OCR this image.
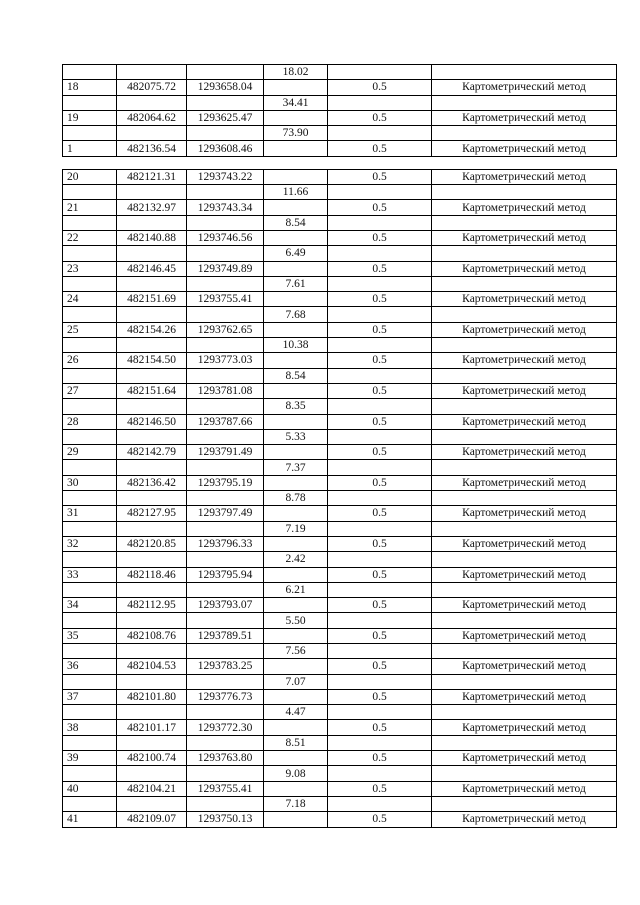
			18.02		
18	482075.72	1293658.04		0.5	Картометрический метод
			34.41		
19	482064.62	1293625.47		0.5	Картометрический метод
			73.90		
1	482136.54	1293608.46		0.5	Картометрический метод

20	482121.31	1293743.22		0.5	Картометрический метод
			11.66		
21	482132.97	1293743.34		0.5	Картометрический метод
			8.54		
22	482140.88	1293746.56		0.5	Картометрический метод
			6.49		
23	482146.45	1293749.89		0.5	Картометрический метод
			7.61		
24	482151.69	1293755.41		0.5	Картометрический метод
			7.68		
25	482154.26	1293762.65		0.5	Картометрический метод
			10.38		
26	482154.50	1293773.03		0.5	Картометрический метод
			8.54		
27	482151.64	1293781.08		0.5	Картометрический метод
			8.35		
28	482146.50	1293787.66		0.5	Картометрический метод
			5.33		
29	482142.79	1293791.49		0.5	Картометрический метод
			7.37		
30	482136.42	1293795.19		0.5	Картометрический метод
			8.78		
31	482127.95	1293797.49		0.5	Картометрический метод
			7.19		
32	482120.85	1293796.33		0.5	Картометрический метод
			2.42		
33	482118.46	1293795.94		0.5	Картометрический метод
			6.21		
34	482112.95	1293793.07		0.5	Картометрический метод
			5.50		
35	482108.76	1293789.51		0.5	Картометрический метод
			7.56		
36	482104.53	1293783.25		0.5	Картометрический метод
			7.07		
37	482101.80	1293776.73		0.5	Картометрический метод
			4.47		
38	482101.17	1293772.30		0.5	Картометрический метод
			8.51		
39	482100.74	1293763.80		0.5	Картометрический метод
			9.08		
40	482104.21	1293755.41		0.5	Картометрический метод
			7.18		
41	482109.07	1293750.13		0.5	Картометрический метод
